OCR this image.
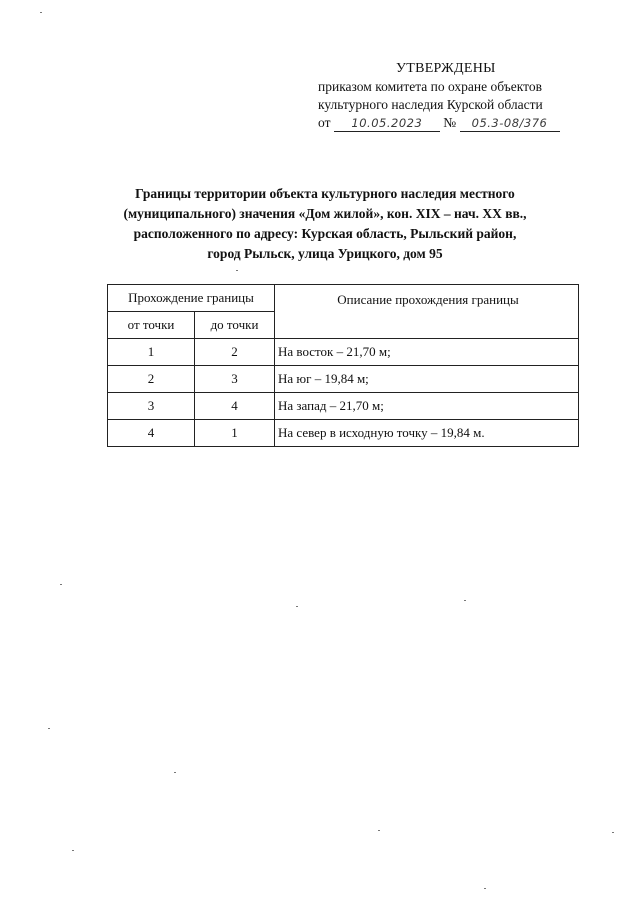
УТВЕРЖДЕНЫ
приказом комитета по охране объектов
культурного наследия Курской области
от 10.05.2023 № 05.3-08/376
Границы территории объекта культурного наследия местного
(муниципального) значения «Дом жилой», кон. XIX – нач. XX вв.,
расположенного по адресу: Курская область, Рыльский район,
город Рыльск, улица Урицкого, дом 95
Прохождение границы		Описание прохождения границы
от точки	до точки	
1	2	На восток – 21,70 м;
2	3	На юг – 19,84 м;
3	4	На запад – 21,70 м;
4	1	На север в исходную точку – 19,84 м.
